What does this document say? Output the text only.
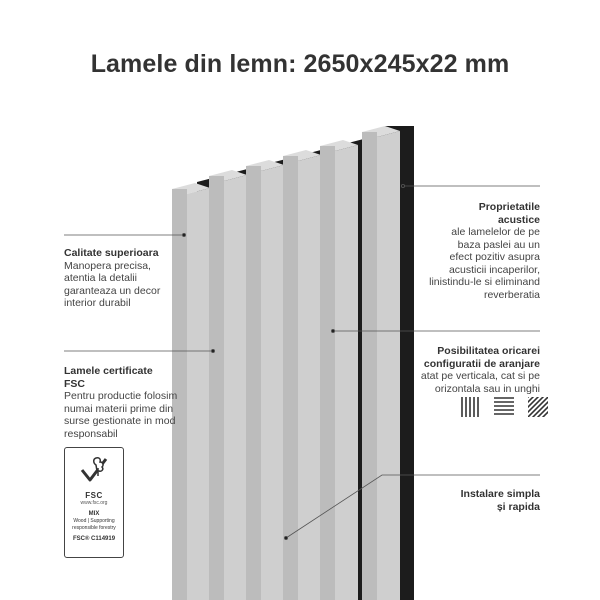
Lamele din lemn: 2650x245x22 mm
Calitate superioara
Manopera precisa,
atentia la detalii
garanteaza un decor
interior durabil
Lamele certificate
FSC
Pentru productie folosim
numai materii prime din
surse gestionate in mod
responsabil
FSC
www.fsc.org
MIX
Wood | Supporting
responsible forestry
FSC® C114919
Proprietatile
acustice
ale lamelelor de pe
baza paslei au un
efect pozitiv asupra
acusticii incaperilor,
linistindu-le si eliminand
reverberatia
Posibilitatea oricarei
configuratii de aranjare
atat pe verticala, cat si pe
orizontala sau in unghi

Instalare simpla
și rapida
